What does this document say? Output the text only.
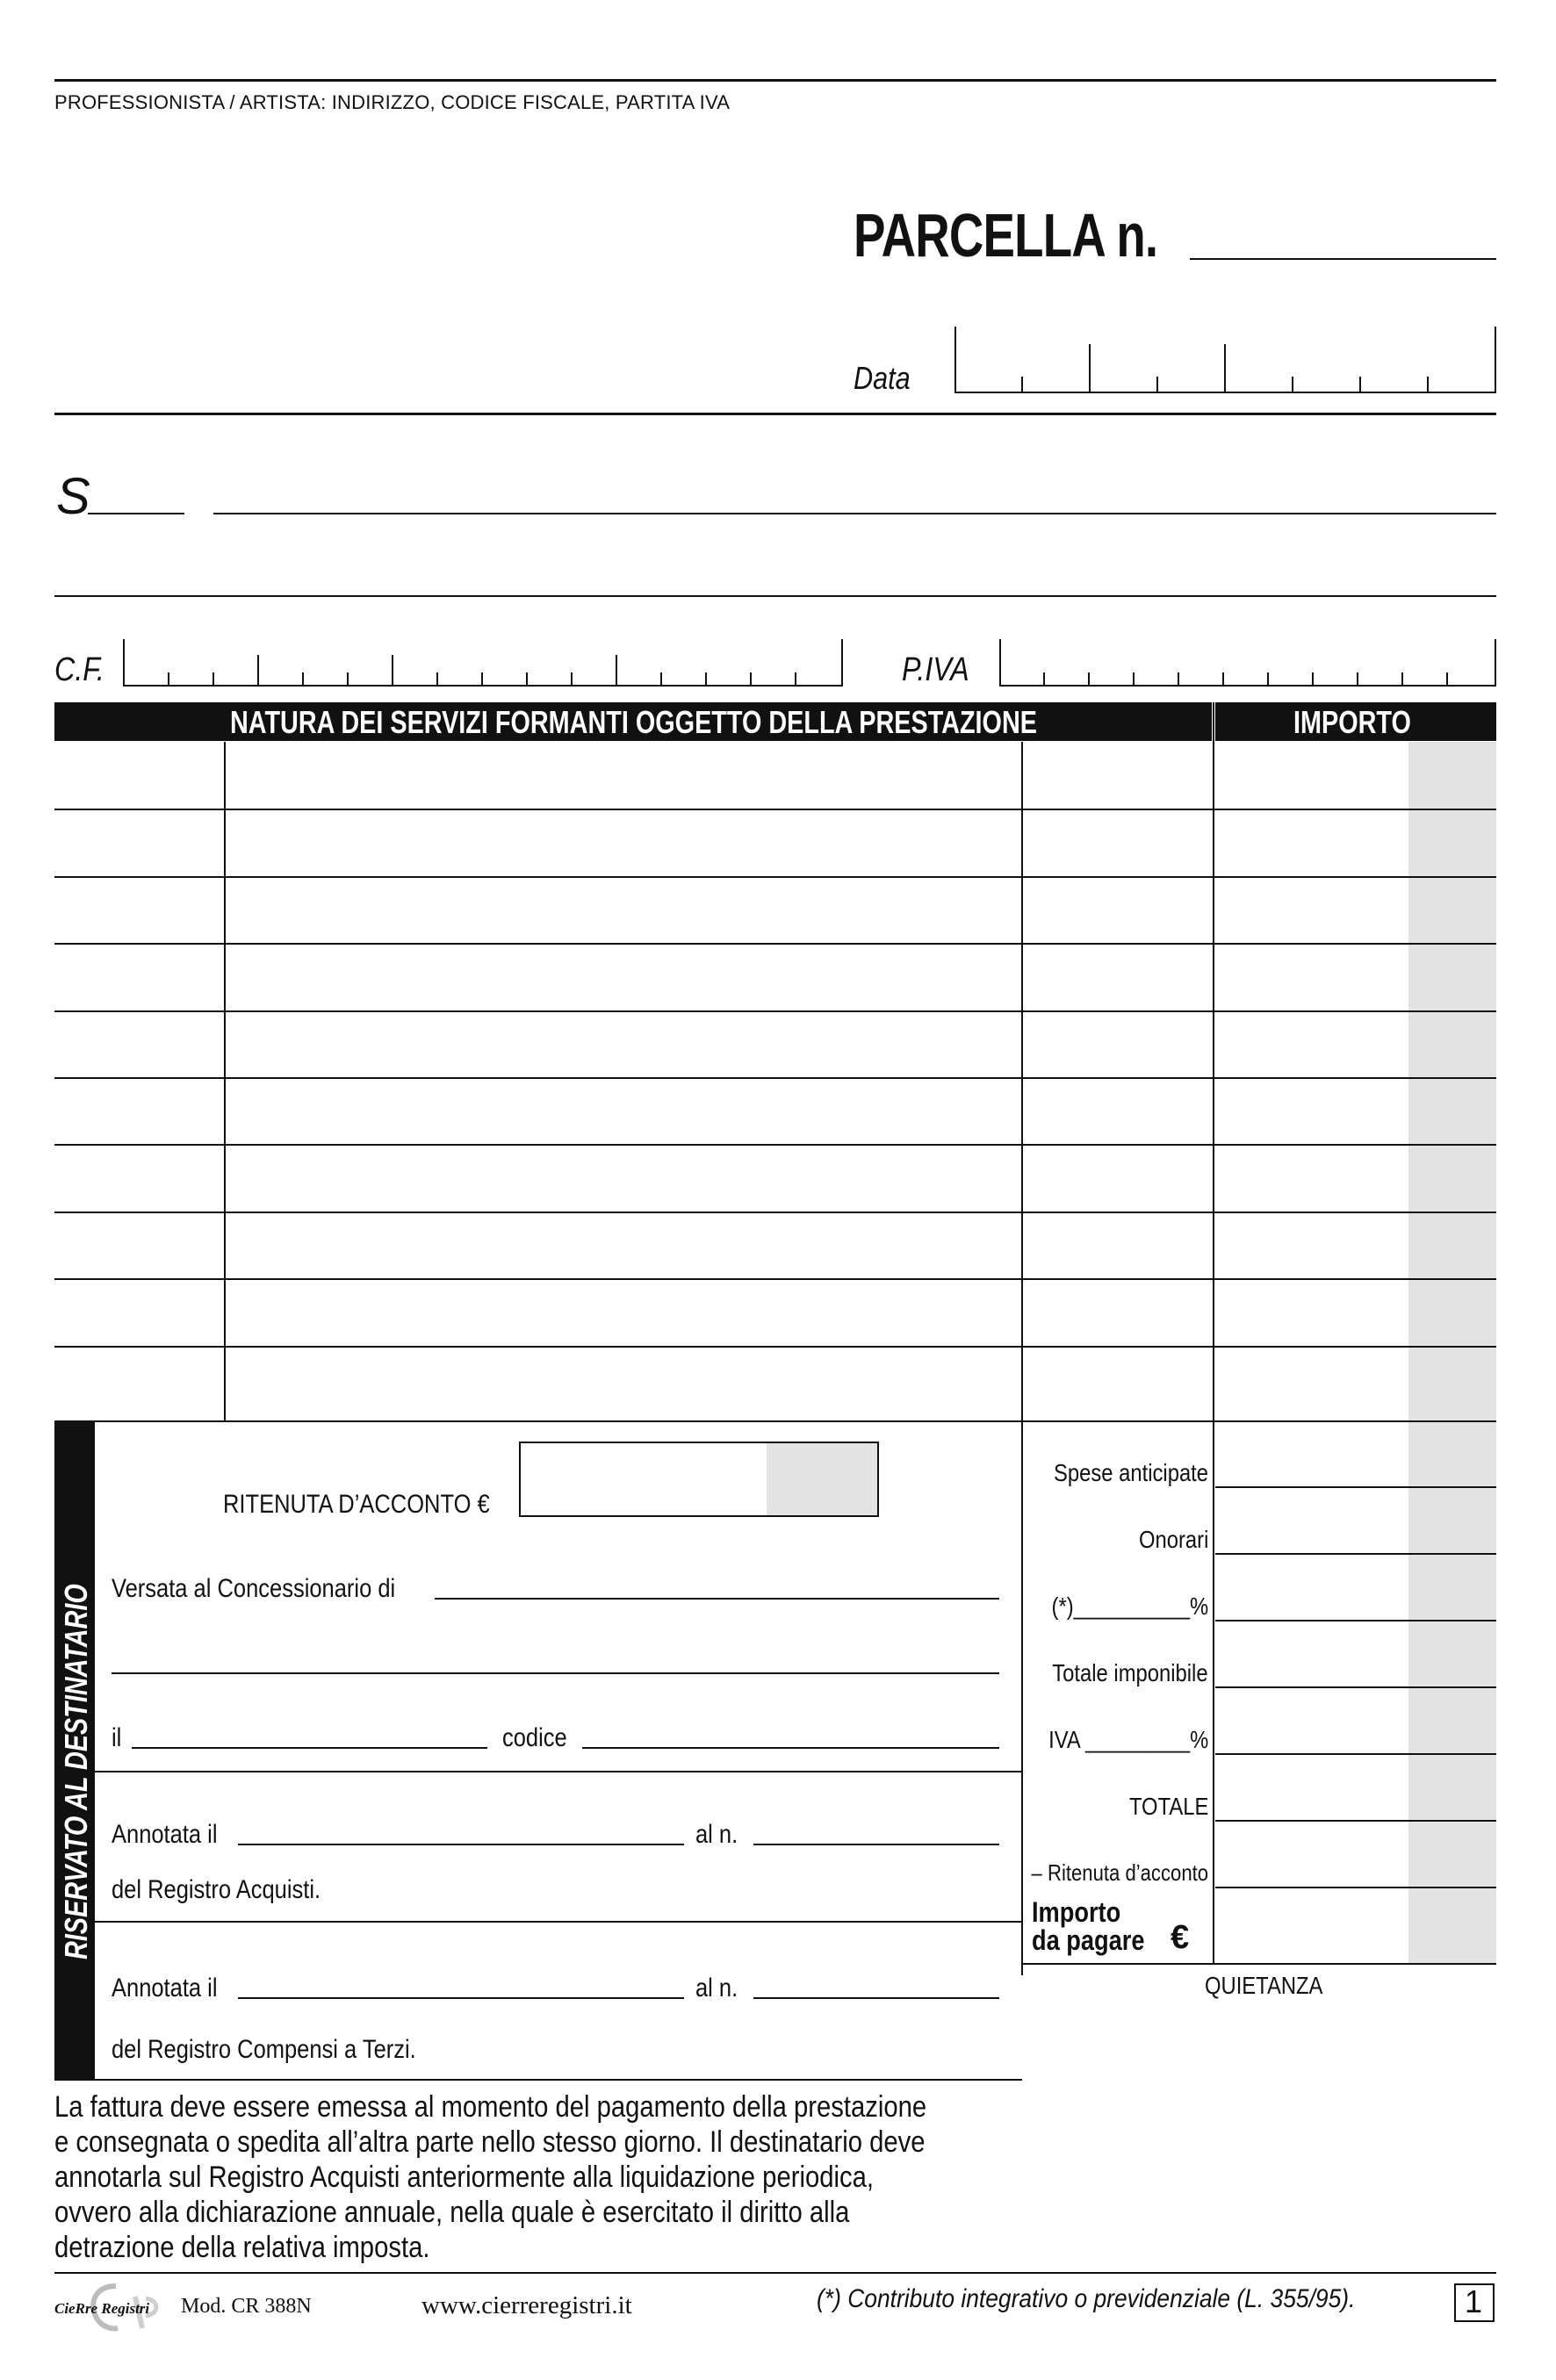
PROFESSIONISTA / ARTISTA: INDIRIZZO, CODICE FISCALE, PARTITA IVA
PARCELLA n.
Data
S
C.F.	P.IVA
NATURA DEI SERVIZI FORMANTI OGGETTO DELLA PRESTAZIONE	IMPORTO
RISERVATO AL DESTINATARIO
RITENUTA D’ACCONTO €
Versata al Concessionario di
il	codice
Annotata il	al n.
del Registro Acquisti.
Annotata il	al n.
del Registro Compensi a Terzi.
La fattura deve essere emessa al momento del pagamento della prestazione
e consegnata o spedita all’altra parte nello stesso giorno. Il destinatario deve
annotarla sul Registro Acquisti anteriormente alla liquidazione periodica,
ovvero alla dichiarazione annuale, nella quale è esercitato il diritto alla
detrazione della relativa imposta.
Spese anticipate
Onorari
(*)__________%
Totale imponibile
IVA _________%
TOTALE
– Ritenuta d’acconto
Importo
da pagare €
QUIETANZA
CieRre Registri Mod. CR 388N	www.cierreregistri.it	(*) Contributo integrativo o previdenziale (L. 355/95).	1
